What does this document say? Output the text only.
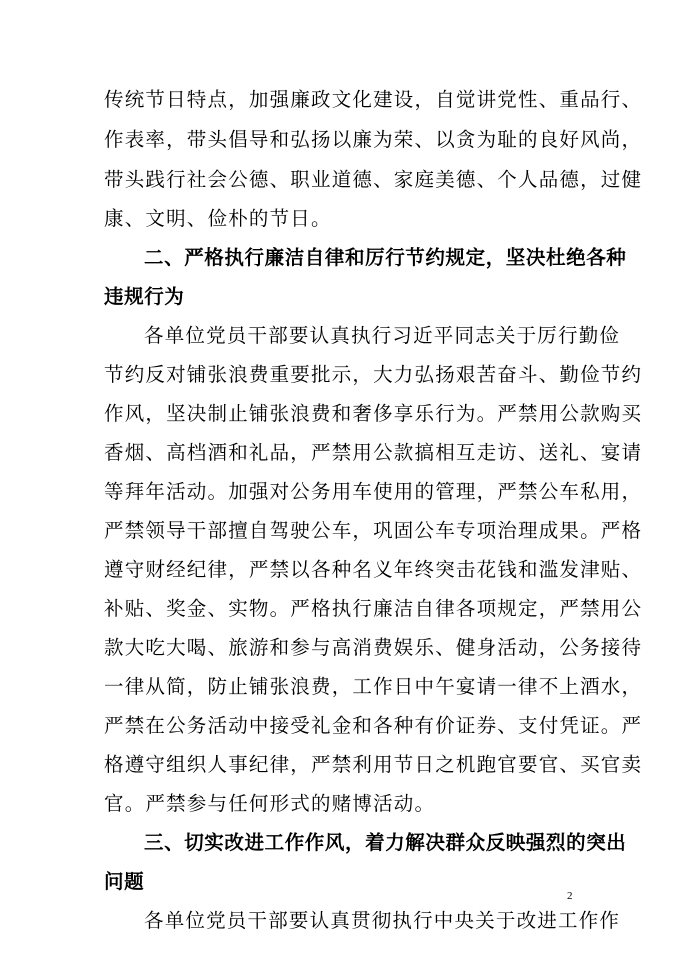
传统节日特点，加强廉政文化建设，自觉讲党性、重品行、
作表率，带头倡导和弘扬以廉为荣、以贪为耻的良好风尚，
带头践行社会公德、职业道德、家庭美德、个人品德，过健
康、文明、俭朴的节日。
二、严格执行廉洁自律和厉行节约规定，坚决杜绝各种
违规行为
各单位党员干部要认真执行习近平同志关于厉行勤俭
节约反对铺张浪费重要批示，大力弘扬艰苦奋斗、勤俭节约
作风，坚决制止铺张浪费和奢侈享乐行为。严禁用公款购买
香烟、高档酒和礼品，严禁用公款搞相互走访、送礼、宴请
等拜年活动。加强对公务用车使用的管理，严禁公车私用，
严禁领导干部擅自驾驶公车，巩固公车专项治理成果。严格
遵守财经纪律，严禁以各种名义年终突击花钱和滥发津贴、
补贴、奖金、实物。严格执行廉洁自律各项规定，严禁用公
款大吃大喝、旅游和参与高消费娱乐、健身活动，公务接待
一律从简，防止铺张浪费，工作日中午宴请一律不上酒水，
严禁在公务活动中接受礼金和各种有价证券、支付凭证。严
格遵守组织人事纪律，严禁利用节日之机跑官要官、买官卖
官。严禁参与任何形式的赌博活动。
三、切实改进工作作风，着力解决群众反映强烈的突出
问题
各单位党员干部要认真贯彻执行中央关于改进工作作
2
